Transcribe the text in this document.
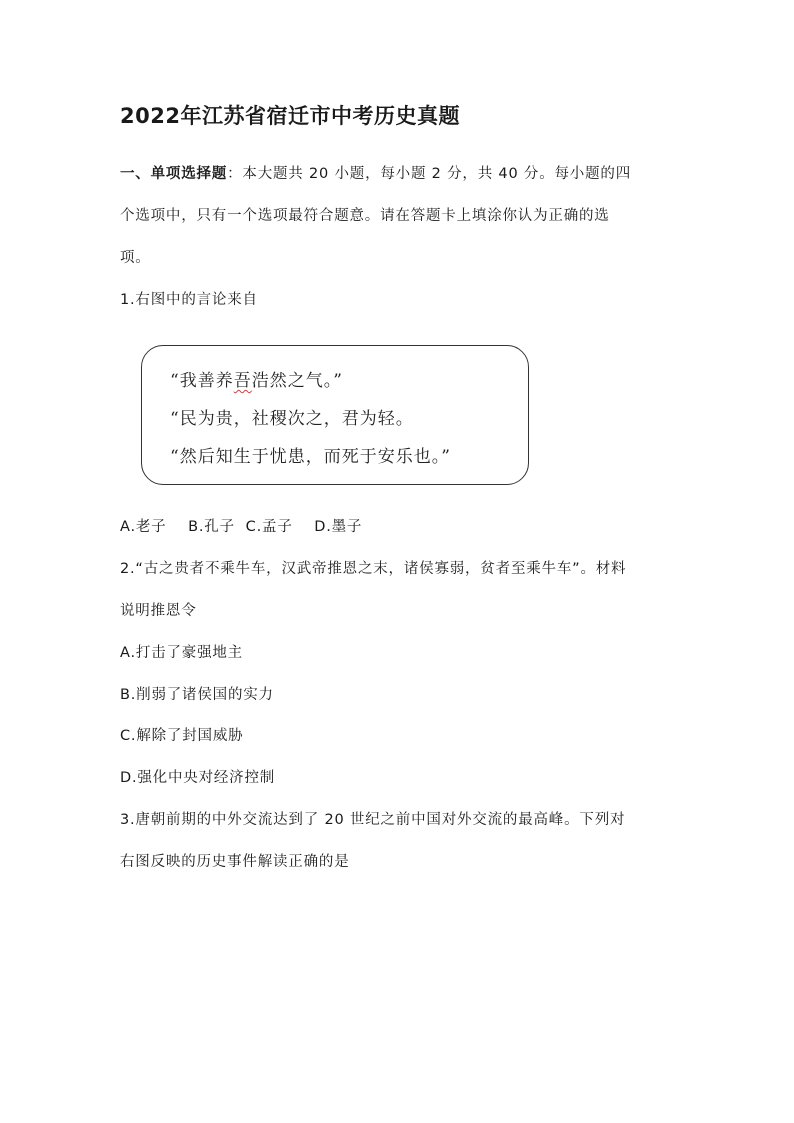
2022年江苏省宿迁市中考历史真题
一、单项选择题：本大题共 20 小题，每小题 2 分，共 40 分。每小题的四
个选项中，只有一个选项最符合题意。请在答题卡上填涂你认为正确的选
项。
1.右图中的言论来自
“我善养吾浩然之气。”
“民为贵，社稷次之，君为轻。
“然后知生于忧患，而死于安乐也。”
A.老子    B.孔子  C.孟子    D.墨子
2.“古之贵者不乘牛车，汉武帝推恩之末，诸侯寡弱，贫者至乘牛车”。材料
说明推恩令
A.打击了豪强地主
B.削弱了诸侯国的实力
C.解除了封国威胁
D.强化中央对经济控制
3.唐朝前期的中外交流达到了 20 世纪之前中国对外交流的最高峰。下列对
右图反映的历史事件解读正确的是
